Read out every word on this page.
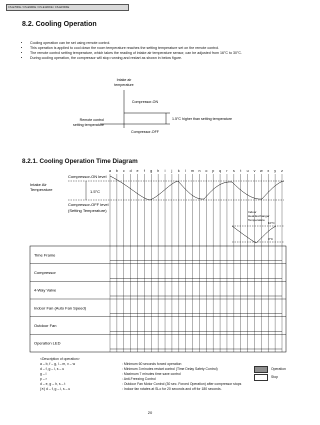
CS-E7DKE / CS-E9DKE / CS-E12DKE / CS-E15DKE
8.2. Cooling Operation
• Cooling operation can be set using remote control.
• This operation is applied to cool down the room temperature reaches the setting temperature set on the remote control.
• The remote control setting temperature, which takes the reading of intake air temperature sensor, can be adjusted from 16°C to 30°C.
• During cooling operation, the compressor will stop running and restart as shown in below figure.
Intake air
temperature
Compressor-ON
Compressor-OFF
Remote control
setting temperature
1.5°C higher than setting temperature
8.2.1. Cooling Operation Time Diagram
a b c d e f g h i j k l m n o p q r s t u v w x y z
Intake Air
Temperature
Compressor-ON level
1.5°C
Compressor-OFF level
(Setting Temperature)	Indoor
Heat Exchanger
Temperature
10°C
0°C
Time Frame
Compressor
4-Way Valve
Indoor Fan (Auto Fan Speed)
Outdoor Fan
Operation LED
<Description of operation>
a – b, f – g, l – m, v – w	: Minimum 60 seconds forced operation
d – f, g – i, s – u	: Minimum 3 minutes restart control (Time Delay Safety Control)
g – l	: Maximum 7 minutes time save control
p – r	: Anti-Freezing Control
d – e, g – h, s – t	: Outdoor Fan Motor Control (30 sec. Forced Operation) after compressor stops
(✕) d – f, g – i, s – u	: Indoor fan rotates at SLo for 20 seconds and off for 180 seconds.
Operation
Stop
20
